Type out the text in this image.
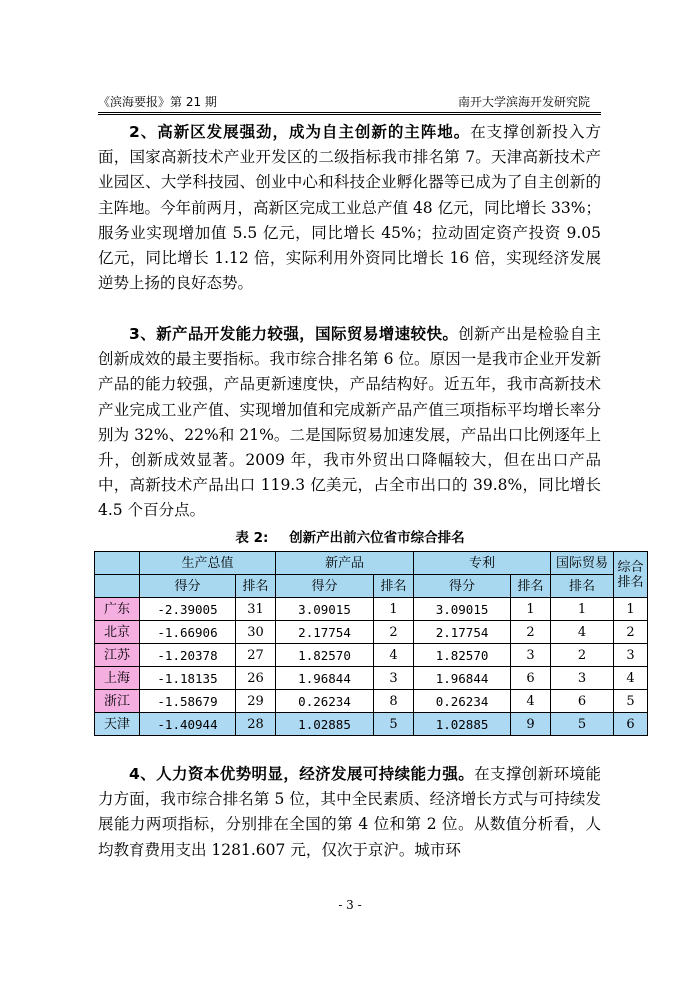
《滨海要报》第 21 期	南开大学滨海开发研究院

2、高新区发展强劲，成为自主创新的主阵地。在支撑创新投入方面，国家高新技术产业开发区的二级指标我市排名第 7。天津高新技术产业园区、大学科技园、创业中心和科技企业孵化器等已成为了自主创新的主阵地。今年前两月，高新区完成工业总产值 48 亿元，同比增长 33%；服务业实现增加值 5.5 亿元，同比增长 45%；拉动固定资产投资 9.05 亿元，同比增长 1.12 倍，实际利用外资同比增长 16 倍，实现经济发展逆势上扬的良好态势。

3、新产品开发能力较强，国际贸易增速较快。创新产出是检验自主创新成效的最主要指标。我市综合排名第 6 位。原因一是我市企业开发新产品的能力较强，产品更新速度快，产品结构好。近五年，我市高新技术产业完成工业产值、实现增加值和完成新产品产值三项指标平均增长率分别为 32%、22%和 21%。二是国际贸易加速发展，产品出口比例逐年上升，创新成效显著。2009 年，我市外贸出口降幅较大，但在出口产品中，高新技术产品出口 119.3 亿美元，占全市出口的 39.8%，同比增长 4.5 个百分点。

表 2: 创新产出前六位省市综合排名
	生产总值		新产品		专利		国际贸易	综合
排名

	得分	排名	得分	排名	得分	排名	排名	
广东	-2.39005	31	3.09015	1	3.09015	1	1	1
北京	-1.66906	30	2.17754	2	2.17754	2	4	2
江苏	-1.20378	27	1.82570	4	1.82570	3	2	3
上海	-1.18135	26	1.96844	3	1.96844	6	3	4
浙江	-1.58679	29	0.26234	8	0.26234	4	6	5
天津	-1.40944	28	1.02885	5	1.02885	9	5	6

4、人力资本优势明显，经济发展可持续能力强。在支撑创新环境能力方面，我市综合排名第 5 位，其中全民素质、经济增长方式与可持续发展能力两项指标，分别排在全国的第 4 位和第 2 位。从数值分析看，人均教育费用支出 1281.607 元，仅次于京沪。城市环

- 3 -
